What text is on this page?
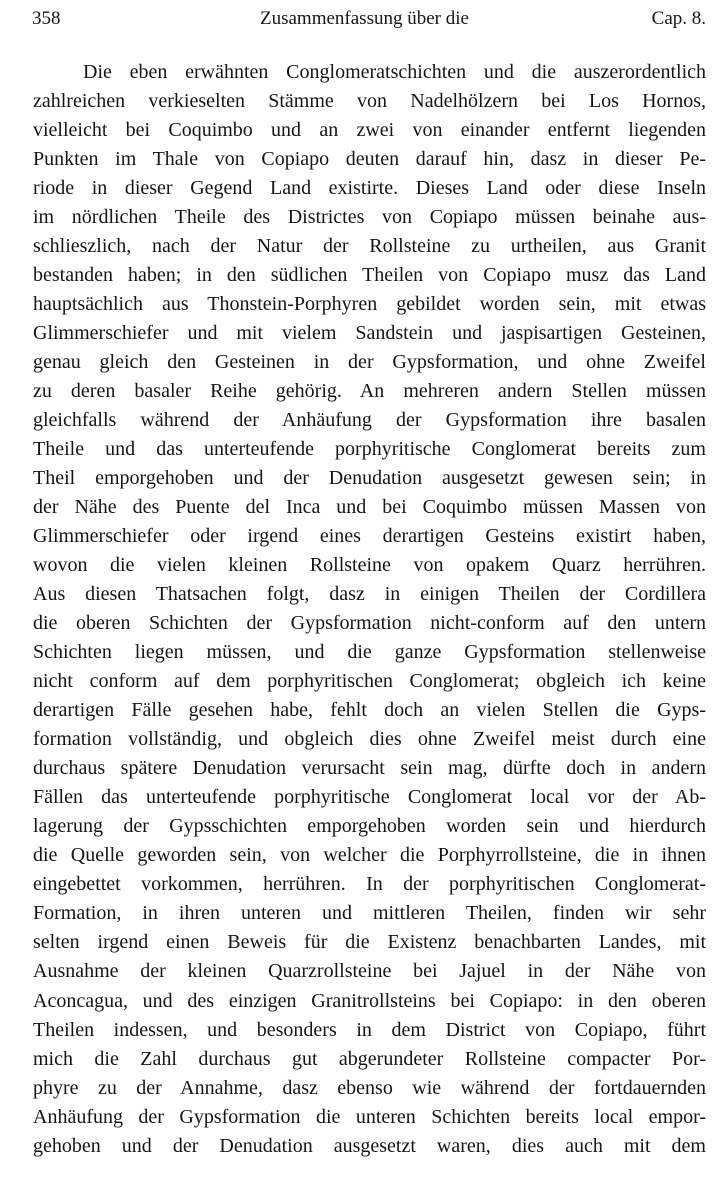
358	Zusammenfassung über die	Cap. 8.
Die eben erwähnten Conglomeratschichten und die auszerordentlich
zahlreichen verkieselten Stämme von Nadelhölzern bei Los Hornos,
vielleicht bei Coquimbo und an zwei von einander entfernt liegenden
Punkten im Thale von Copiapo deuten darauf hin, dasz in dieser Pe-
riode in dieser Gegend Land existirte. Dieses Land oder diese Inseln
im nördlichen Theile des Districtes von Copiapo müssen beinahe aus-
schlieszlich, nach der Natur der Rollsteine zu urtheilen, aus Granit
bestanden haben; in den südlichen Theilen von Copiapo musz das Land
hauptsächlich aus Thonstein-Porphyren gebildet worden sein, mit etwas
Glimmerschiefer und mit vielem Sandstein und jaspisartigen Gesteinen,
genau gleich den Gesteinen in der Gypsformation, und ohne Zweifel
zu deren basaler Reihe gehörig. An mehreren andern Stellen müssen
gleichfalls während der Anhäufung der Gypsformation ihre basalen
Theile und das unterteufende porphyritische Conglomerat bereits zum
Theil emporgehoben und der Denudation ausgesetzt gewesen sein; in
der Nähe des Puente del Inca und bei Coquimbo müssen Massen von
Glimmerschiefer oder irgend eines derartigen Gesteins existirt haben,
wovon die vielen kleinen Rollsteine von opakem Quarz herrühren.
Aus diesen Thatsachen folgt, dasz in einigen Theilen der Cordillera
die oberen Schichten der Gypsformation nicht-conform auf den untern
Schichten liegen müssen, und die ganze Gypsformation stellenweise
nicht conform auf dem porphyritischen Conglomerat; obgleich ich keine
derartigen Fälle gesehen habe, fehlt doch an vielen Stellen die Gyps-
formation vollständig, und obgleich dies ohne Zweifel meist durch eine
durchaus spätere Denudation verursacht sein mag, dürfte doch in andern
Fällen das unterteufende porphyritische Conglomerat local vor der Ab-
lagerung der Gypsschichten emporgehoben worden sein und hierdurch
die Quelle geworden sein, von welcher die Porphyrrollsteine, die in ihnen
eingebettet vorkommen, herrühren. In der porphyritischen Conglomerat-
Formation, in ihren unteren und mittleren Theilen, finden wir sehr
selten irgend einen Beweis für die Existenz benachbarten Landes, mit
Ausnahme der kleinen Quarzrollsteine bei Jajuel in der Nähe von
Aconcagua, und des einzigen Granitrollsteins bei Copiapo: in den oberen
Theilen indessen, und besonders in dem District von Copiapo, führt
mich die Zahl durchaus gut abgerundeter Rollsteine compacter Por-
phyre zu der Annahme, dasz ebenso wie während der fortdauernden
Anhäufung der Gypsformation die unteren Schichten bereits local empor-
gehoben und der Denudation ausgesetzt waren, dies auch mit dem
